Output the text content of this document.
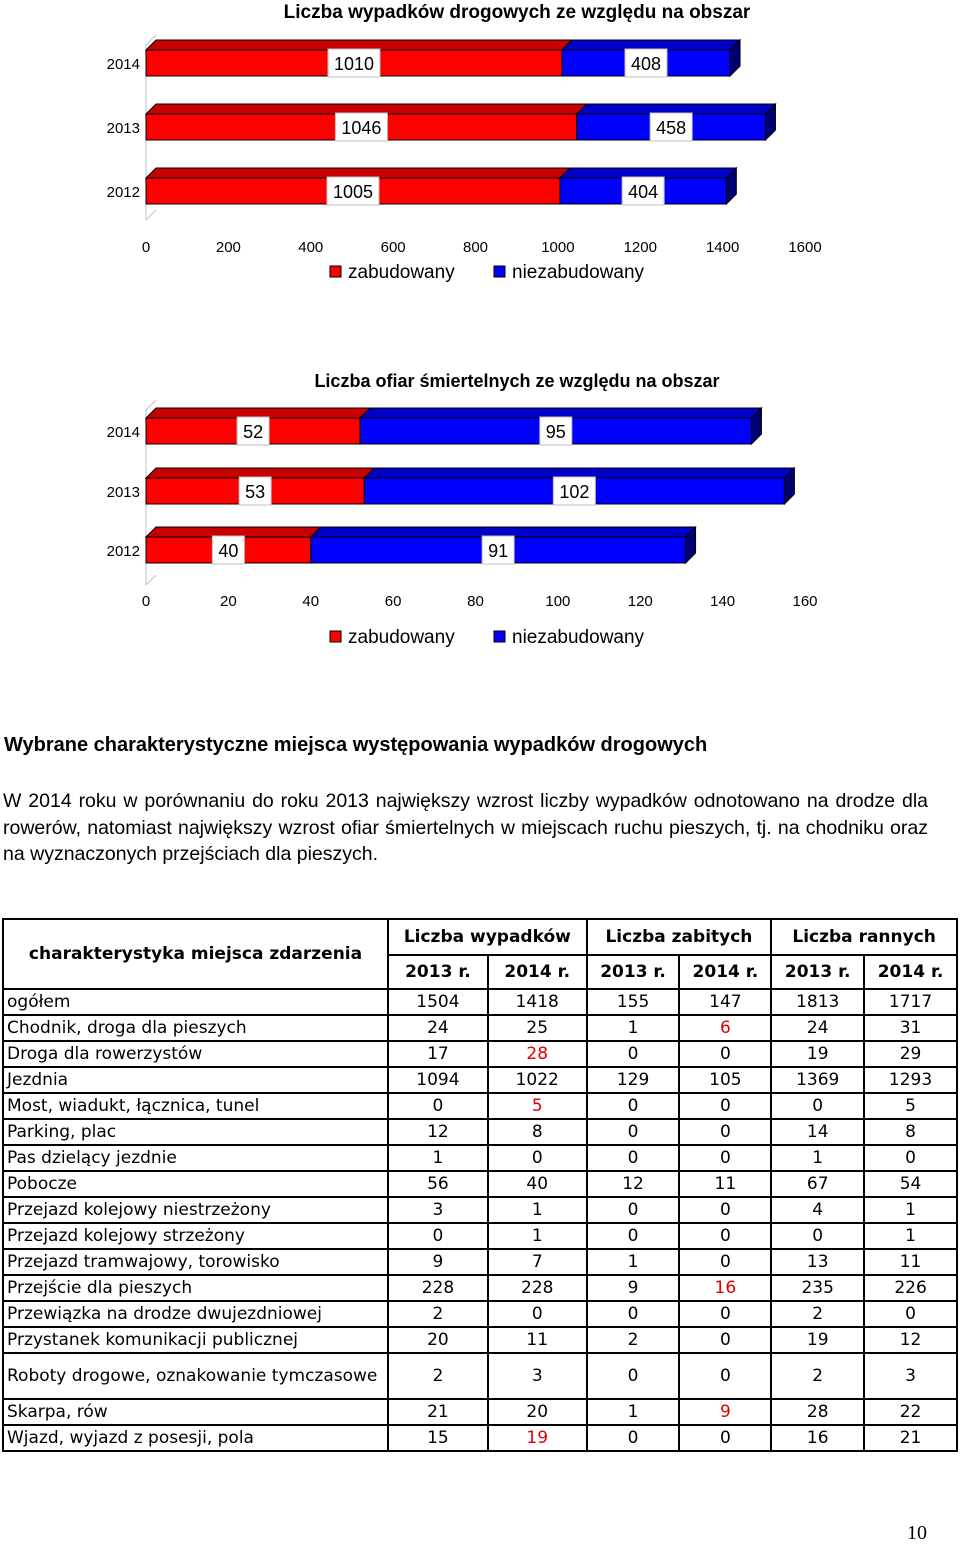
Liczba wypadków drogowych ze względu na obszar
0	200	400	600	800	1000	1200	1400	1600
2014	1010	408
2013	1046	458
2012	1005	404
zabudowany	niezabudowany
Liczba ofiar śmiertelnych ze względu na obszar
0	20	40	60	80	100	120	140	160
2014	52	95
2013	53	102
2012	40	91
zabudowany	niezabudowany
Wybrane charakterystyczne miejsca występowania wypadków drogowych
W 2014 roku w porównaniu do roku 2013 największy wzrost liczby wypadków odnotowano na drodze dla rowerów, natomiast największy wzrost ofiar śmiertelnych w miejscach ruchu pieszych, tj. na chodniku oraz na wyznaczonych przejściach dla pieszych.
charakterystyka miejsca zdarzenia	Liczba wypadków		Liczba zabitych		Liczba rannych	
	2013 r.	2014 r.	2013 r.	2014 r.	2013 r.	2014 r.
ogółem	1504	1418	155	147	1813	1717
Chodnik, droga dla pieszych	24	25	1	6	24	31
Droga dla rowerzystów	17	28	0	0	19	29
Jezdnia	1094	1022	129	105	1369	1293
Most, wiadukt, łącznica, tunel	0	5	0	0	0	5
Parking, plac	12	8	0	0	14	8
Pas dzielący jezdnie	1	0	0	0	1	0
Pobocze	56	40	12	11	67	54
Przejazd kolejowy niestrzeżony	3	1	0	0	4	1
Przejazd kolejowy strzeżony	0	1	0	0	0	1
Przejazd tramwajowy, torowisko	9	7	1	0	13	11
Przejście dla pieszych	228	228	9	16	235	226
Przewiązka na drodze dwujezdniowej	2	0	0	0	2	0
Przystanek komunikacji publicznej	20	11	2	0	19	12
Roboty drogowe, oznakowanie tymczasowe	2	3	0	0	2	3
Skarpa, rów	21	20	1	9	28	22
Wjazd, wyjazd z posesji, pola	15	19	0	0	16	21
10
